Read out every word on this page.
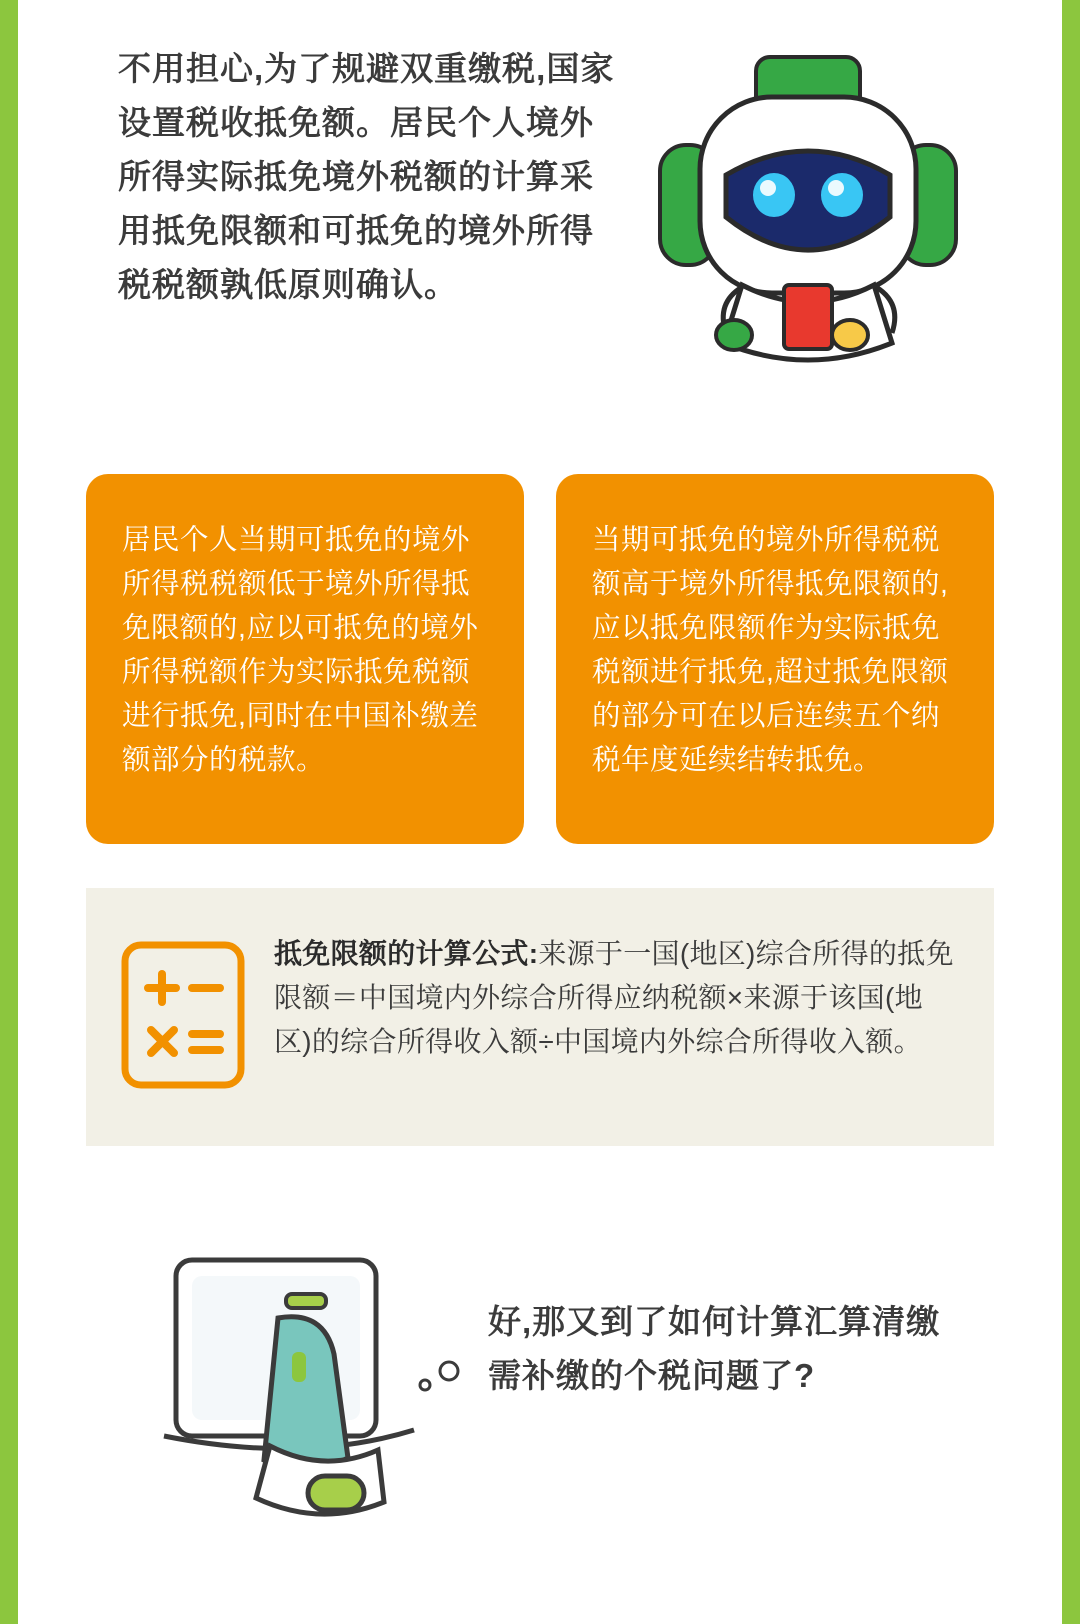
不用担心,为了规避双重缴税,国家设置税收抵免额。居民个人境外所得实际抵免境外税额的计算采用抵免限额和可抵免的境外所得税税额孰低原则确认。
居民个人当期可抵免的境外所得税税额低于境外所得抵免限额的,应以可抵免的境外所得税额作为实际抵免税额进行抵免,同时在中国补缴差额部分的税款。
当期可抵免的境外所得税税额高于境外所得抵免限额的,应以抵免限额作为实际抵免税额进行抵免,超过抵免限额的部分可在以后连续五个纳税年度延续结转抵免。
抵免限额的计算公式:来源于一国(地区)综合所得的抵免限额＝中国境内外综合所得应纳税额×来源于该国(地区)的综合所得收入额÷中国境内外综合所得收入额。
好,那又到了如何计算汇算清缴需补缴的个税问题了?
